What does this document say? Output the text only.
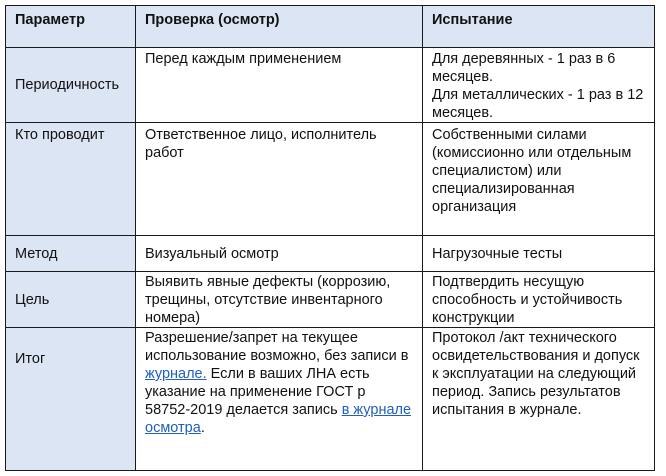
Параметр	Проверка (осмотр)	Испытание
Периодичность	Перед каждым применением	Для деревянных - 1 раз в 6 месяцев.
Для металлических - 1 раз в 12 месяцев.

Кто проводит	Ответственное лицо, исполнитель работ	Собственными силами (комиссионно или отдельным специалистом) или специализированная организация
Метод	Визуальный осмотр	Нагрузочные тесты
Цель	Выявить явные дефекты (коррозию, трещины, отсутствие инвентарного номера)	Подтвердить несущую способность и устойчивость конструкции
Итог	Разрешение/запрет на текущее использование возможно, без записи в журнале. Если в ваших ЛНА есть указание на применение ГОСТ р 58752-2019 делается запись в журнале осмотра.	Протокол /акт технического освидетельствования и допуск к эксплуатации на следующий период. Запись результатов испытания в журнале.
